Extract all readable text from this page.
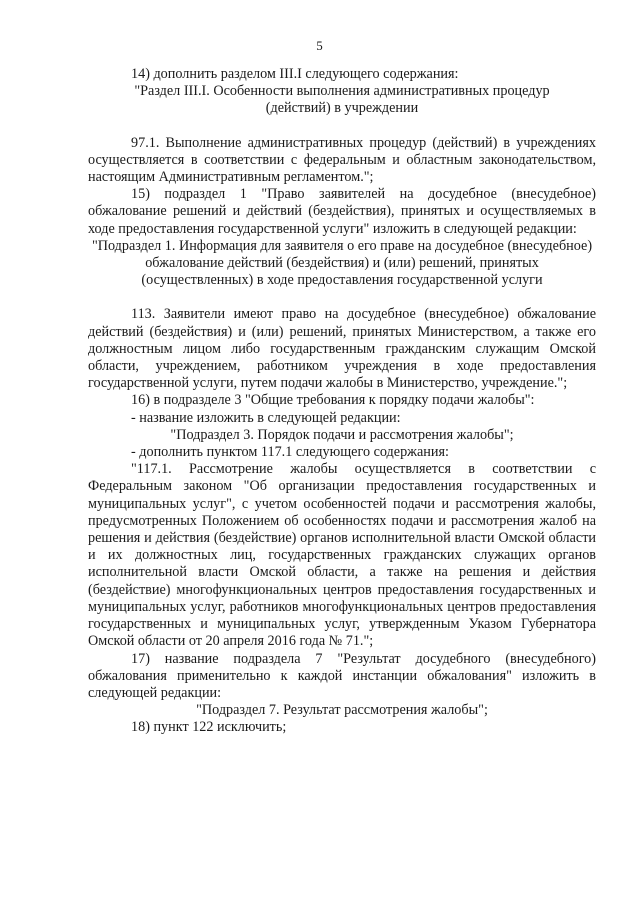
5

14) дополнить разделом III.I следующего содержания:

"Раздел III.I. Особенности выполнения административных процедур (действий) в учреждении

97.1. Выполнение административных процедур (действий) в учреждениях осуществляется в соответствии с федеральным и областным законодательством, настоящим Административным регламентом.";

15) подраздел 1 "Право заявителей на досудебное (внесудебное) обжалование решений и действий (бездействия), принятых и осуществляемых в ходе предоставления государственной услуги" изложить в следующей редакции:

"Подраздел 1. Информация для заявителя о его праве на досудебное (внесудебное) обжалование действий (бездействия) и (или) решений, принятых (осуществленных) в ходе предоставления государственной услуги

113. Заявители имеют право на досудебное (внесудебное) обжалование действий (бездействия) и (или) решений, принятых Министерством, а также его должностным лицом либо государственным гражданским служащим Омской области, учреждением, работником учреждения в ходе предоставления государственной услуги, путем подачи жалобы в Министерство, учреждение.";

16) в подразделе 3 "Общие требования к порядку подачи жалобы":

- название изложить в следующей редакции:

"Подраздел 3. Порядок подачи и рассмотрения жалобы";

- дополнить пунктом 117.1 следующего содержания:

"117.1. Рассмотрение жалобы осуществляется в соответствии с Федеральным законом "Об организации предоставления государственных и муниципальных услуг", с учетом особенностей подачи и рассмотрения жалобы, предусмотренных Положением об особенностях подачи и рассмотрения жалоб на решения и действия (бездействие) органов исполнительной власти Омской области и их должностных лиц, государственных гражданских служащих органов исполнительной власти Омской области, а также на решения и действия (бездействие) многофункциональных центров предоставления государственных и муниципальных услуг, работников многофункциональных центров предоставления государственных и муниципальных услуг, утвержденным Указом Губернатора Омской области от 20 апреля 2016 года № 71.";

17) название подраздела 7 "Результат досудебного (внесудебного) обжалования применительно к каждой инстанции обжалования" изложить в следующей редакции:

"Подраздел 7. Результат рассмотрения жалобы";

18) пункт 122 исключить;
